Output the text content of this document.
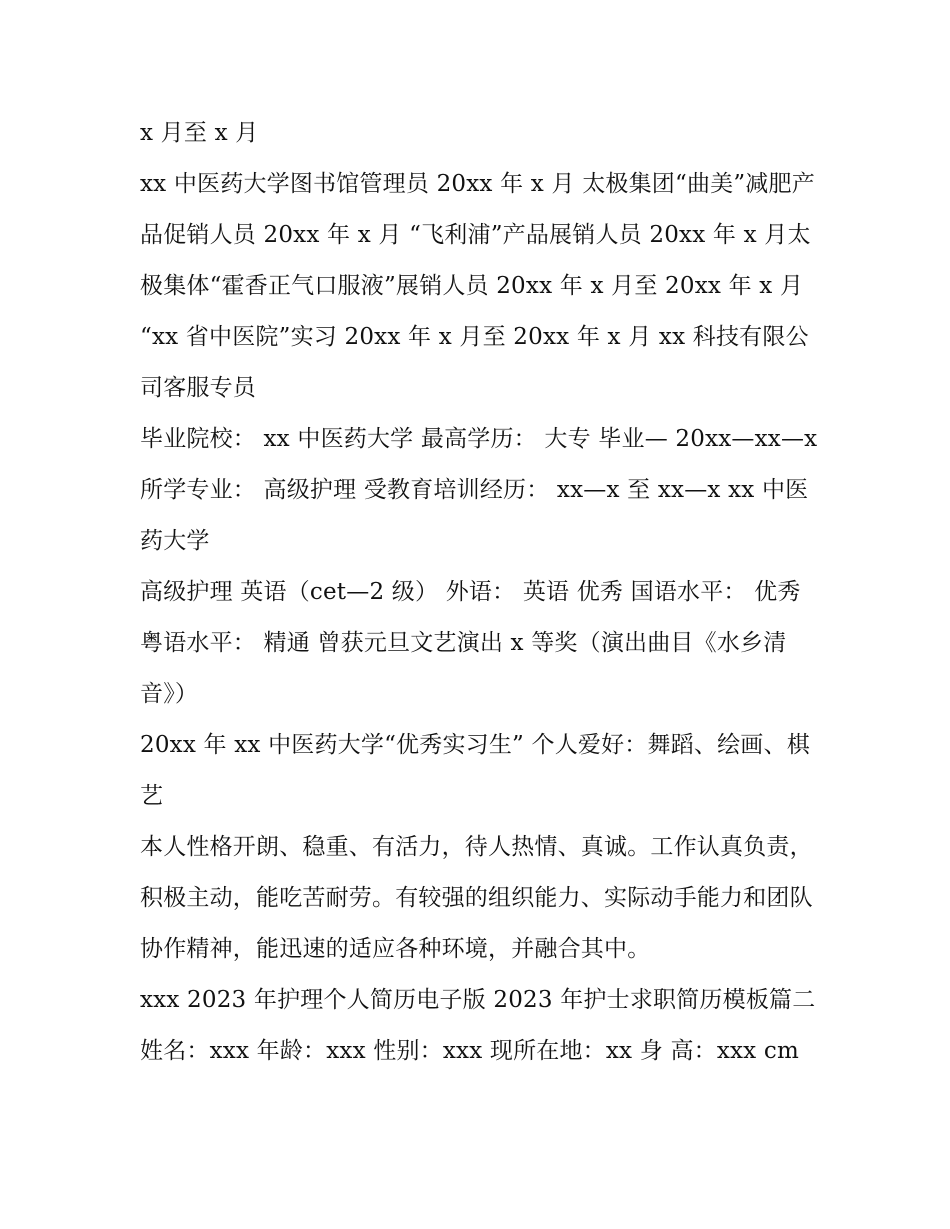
x 月至 x 月

xx 中医药大学图书馆管理员 20xx 年 x 月 太极集团“曲美”减肥产品促销人员 20xx 年 x 月 “飞利浦”产品展销人员 20xx 年 x 月太极集体“霍香正气口服液”展销人员 20xx 年 x 月至 20xx 年 x 月 “xx 省中医院”实习 20xx 年 x 月至 20xx 年 x 月 xx 科技有限公司客服专员

毕业院校： xx 中医药大学 最高学历： 大专 毕业— 20xx—xx—x 所学专业： 高级护理 受教育培训经历： xx—x 至 xx—x xx 中医药大学

高级护理 英语（cet—2 级） 外语： 英语 优秀 国语水平： 优秀 粤语水平： 精通 曾获元旦文艺演出 x 等奖（演出曲目《水乡清音》）

20xx 年 xx 中医药大学“优秀实习生” 个人爱好：舞蹈、绘画、棋艺

本人性格开朗、稳重、有活力，待人热情、真诚。工作认真负责，积极主动，能吃苦耐劳。有较强的组织能力、实际动手能力和团队协作精神，能迅速的适应各种环境，并融合其中。

xxx 2023 年护理个人简历电子版 2023 年护士求职简历模板篇二 姓名：xxx 年龄：xxx 性别：xxx 现所在地：xx 身 高：xxx cm
